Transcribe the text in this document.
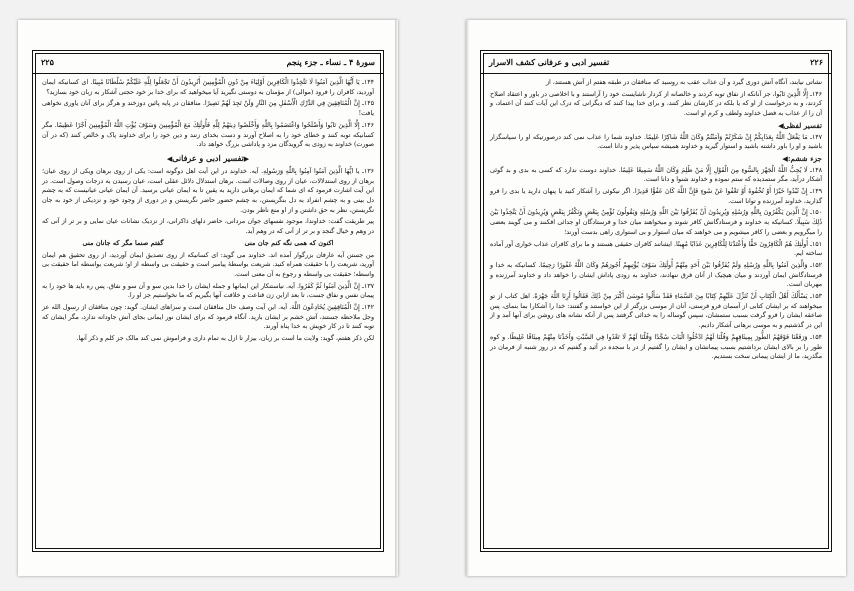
۲۲۵	سورهٔ ۴ ـ نساء ـ جزء پنجم

۱۴۴ـ يَا أَيُّهَا الَّذِينَ آمَنُوا لَا تَتَّخِذُوا الْكَافِرِينَ أَوْلِيَاءَ مِنْ دُونِ الْمُؤْمِنِينَ أَتُرِيدُونَ أَنْ تَجْعَلُوا لِلَّهِ عَلَيْكُمْ سُلْطَانًا مُبِينًا. ای کسانیکه ایمان آوردید، کافران را فرود (موالی) از مؤمنان به دوستی نگیرید آیا میخواهید که برای خدا بر خود حجتی آشکار به زبان خود بسازید؟

۱۴۵ـ إِنَّ الْمُنَافِقِينَ فِي الدَّرْكِ الْأَسْفَلِ مِنَ النَّارِ وَلَنْ تَجِدَ لَهُمْ نَصِيرًا. منافقان در پایه پائین دوزخند و هرگز برای آنان یاوری نخواهی یافت!

۱۴۶ـ إِلَّا الَّذِينَ تَابُوا وَأَصْلَحُوا وَاعْتَصَمُوا بِاللَّهِ وَأَخْلَصُوا دِينَهُمْ لِلَّهِ فَأُولَٰئِكَ مَعَ الْمُؤْمِنِينَ وَسَوْفَ يُؤْتِ اللَّهُ الْمُؤْمِنِينَ أَجْرًا عَظِيمًا. مگر کسانیکه توبه کنند و خطای خود را به اصلاح آورند و دست بخدای زنند و دین خود را برای خداوند پاک و خالص کنند (که در آن صورت) خداوند به زودی به گرویدگان مزد و پاداشی بزرگ خواهد داد.

▶تفسیر ادبی و عرفانی◀

۱۳۶ـ یا ایُّهَا الَّذِینَ آمَنُوا آمِنُوا بِاللّٰهِ وَرَسُولِهِ. آیه. خداوند در این آیت اهل دوگونه است: یکی از روی برهان ویکی از روی عیان؛ برهان از روی استدلالات، عیان از روی وصالات است. برهان استدلال دلائل عقلی است، عیان رسیدن به درجات وصول است. در این آیت اشارت فرمود که ای شما که ایمان برهانی دارید به یقین تا به ایمان عیانی برسید. آن ایمان عیانی عیانیست که به چشم دل بینی و به چشم انفراد به دل بنگریستن، به چشم حضور حاضر نگریستن و در دوری از وجود خود و نزدیکی از خود به جان نگریستن، نظر به حق داشتن و از او منع ناظر بودن.

پیر طریقت گفت: خداوندا، موجود نفسهای جوان مردانی، حاضر دلهای ذاکرانی، از نزدیک نشانات عیان نمایی و بر تر از آنی که در وهم و خیال گنجد و بر تر از آنی که در وهم آید.

اکنون که همی نگه کنم جان منی
گفتم صنما مگر که جانان منی

من جستن آیه عارفان بزرگوار آمده اند. خداوند می گوید: ای کسانیکه از روی تصدیق ایمان آوردید، از روی تحقیق هم ایمان آورید، شریعت را با حقیقت همراه کنید. شریعت بواسطهٔ پیامبر است و حقیقت بی واسطه از او؛ شریعت بواسطه اما حقیقت بی واسطه؛ حقیقت بی واسطه و رجوع به آن معنی است.

۱۳۷ـ إِنَّ الَّذِينَ آمَنُوا ثُمَّ كَفَرُوا. آیه. نیاستنکار این ایمانها و جمله ایشان را خدا بدین سو و آن سو و نفاق. پس ره باید ها خود را به پیمان نفس و نفاق جست، تا بعد ازاین زن قناعت و خلافت آنها بگیریم که ما نخواستیم جز او را.

۱۴۲ـ إِنَّ الْمُنَافِقِينَ يُخَادِعُونَ اللَّهَ. آیه. این آیت وصف حال منافقان است و سزاهای ایشان. گوید: چون منافقان از رسول الله عز وجل ملاحظه جستند، آتش خشم بر ایشان بارید. آنگاه فرمود که برای ایشان نور ایمانی بجای آتش جاودانه ندارد، مگر ایشان که توبه کنند تا در کار خویش به خدا پناه آورند.

لکن ذکر هفتم، گوید: ولایت ما است بر زبان، بیزار تا ازل به تمام داری و فراموش نمی کند مالک جز کلم و ذکر آنها.

تفسیر ادبی و عرفانی کشف الاسرار	۲۲۶

نشاتی نیابند، آنگاه آتش دوری گیرد و آن عذاب عقب به روسید که منافقان در طبقه هفتم از آتش هستند، از

۱۴۶ـ إِلَّا الَّذِينَ تَابُوا، جز آنانکه از نفاق توبه کردند و خالصانه از کردار ناشایست خود را آراستند و با اخلاصی در باور و اعتقاد اصلاح کردند، و به درخواست از او که یا بلکه در کارشان نظر کنند، و برای خدا پیدا کنند که دیگرانی که درک این آیات کنند آن اعتماد، و آن را از عذاب به فضل خداوند ولطف و کرم او است.

تفسیر لفظی◀

۱۴۷ـ مَا يَفْعَلُ اللَّهُ بِعَذَابِكُمْ إِنْ شَكَرْتُمْ وَآمَنْتُمْ وَكَانَ اللَّهُ شَاكِرًا عَلِيمًا. خداوند شما را عذاب نمی کند درصورتیکه او را سپاسگزار باشید و او را باور داشته باشید و استوار گیرید و خداوند همیشه سپاس پذیر و دانا است.

جزء ششم:◀

۱۴۸ـ لَا يُحِبُّ اللَّهُ الْجَهْرَ بِالسُّوءِ مِنَ الْقَوْلِ إِلَّا مَنْ ظُلِمَ وَكَانَ اللَّهُ سَمِيعًا عَلِيمًا. خداوند دوست ندارد که کسی به بدی و بد گوئی آشکار درآید، مگر ستمدیده که ستم نموده و خداوند شنوا و دانا است.

۱۴۹ـ إِنْ تُبْدُوا خَيْرًا أَوْ تُخْفُوهُ أَوْ تَعْفُوا عَنْ سُوءٍ فَإِنَّ اللَّهَ كَانَ عَفُوًّا قَدِيرًا. اگر نیکوئی را آشکار کنید یا پنهان دارید یا بدی را فرو گذارید، خداوند آمرزنده و توانا است.

۱۵۰ـ إِنَّ الَّذِينَ يَكْفُرُونَ بِاللَّهِ وَرُسُلِهِ وَيُرِيدُونَ أَنْ يُفَرِّقُوا بَيْنَ اللَّهِ وَرُسُلِهِ وَيَقُولُونَ نُؤْمِنُ بِبَعْضٍ وَنَكْفُرُ بِبَعْضٍ وَيُرِيدُونَ أَنْ يَتَّخِذُوا بَيْنَ ذَٰلِكَ سَبِيلًا. کسانیکه به خداوند و فرستادگانش کافر شوند و میخواهند میان خدا و فرستادگان او جدائی افکنند و می گویند بعضی را میگرویم و بعضی را کافر میشویم و می خواهند که میان استوار و بی استواری راهی بدست آورند؛

۱۵۱ـ أُولَٰئِكَ هُمُ الْكَافِرُونَ حَقًّا وَأَعْتَدْنَا لِلْكَافِرِينَ عَذَابًا مُهِينًا. ایشانند کافران حقیقی هستند و ما برای کافران عذاب خواری آور آماده ساخته ایم.

۱۵۲ـ وَالَّذِينَ آمَنُوا بِاللَّهِ وَرُسُلِهِ وَلَمْ يُفَرِّقُوا بَيْنَ أَحَدٍ مِنْهُمْ أُولَٰئِكَ سَوْفَ يُؤْتِيهِمْ أُجُورَهُمْ وَكَانَ اللَّهُ غَفُورًا رَحِيمًا. کسانیکه به خدا و فرستادگانش ایمان آوردند و میان هیچیک از آنان فرق ننهادند، خداوند به زودی پاداش ایشان را خواهد داد و خداوند آمرزنده و مهربان است.

۱۵۳ـ يَسْأَلُكَ أَهْلُ الْكِتَابِ أَنْ تُنَزِّلَ عَلَيْهِمْ كِتَابًا مِنَ السَّمَاءِ فَقَدْ سَأَلُوا مُوسَىٰ أَكْبَرَ مِنْ ذَٰلِكَ فَقَالُوا أَرِنَا اللَّهَ جَهْرَةً. اهل کتاب از تو میخواهند که بر ایشان کتابی از آسمان فرو فرستی، آنان از موسی بزرگتر از این خواستند و گفتند: خدا را آشکارا بما بنمای، پس صاعقه ایشان را فرو گرفت بسبب ستمشان، سپس گوساله را به خدائی گرفتند پس از آنکه نشانه های روشن برای آنها آمد و از این در گذشتیم و به موسی برهانی آشکار دادیم.

۱۵۴ـ وَرَفَعْنَا فَوْقَهُمُ الطُّورَ بِمِيثَاقِهِمْ وَقُلْنَا لَهُمُ ادْخُلُوا الْبَابَ سُجَّدًا وَقُلْنَا لَهُمْ لَا تَعْدُوا فِي السَّبْتِ وَأَخَذْنَا مِنْهُمْ مِيثَاقًا غَلِيظًا. و کوه طور را بر بالای ایشان برداشتیم بسبب پیمانشان و ایشان را گفتیم از در با سجده در آئید و گفتیم که در روز شنبه از فرمان در مگذرید، ما از ایشان پیمانی سخت بستدیم.
